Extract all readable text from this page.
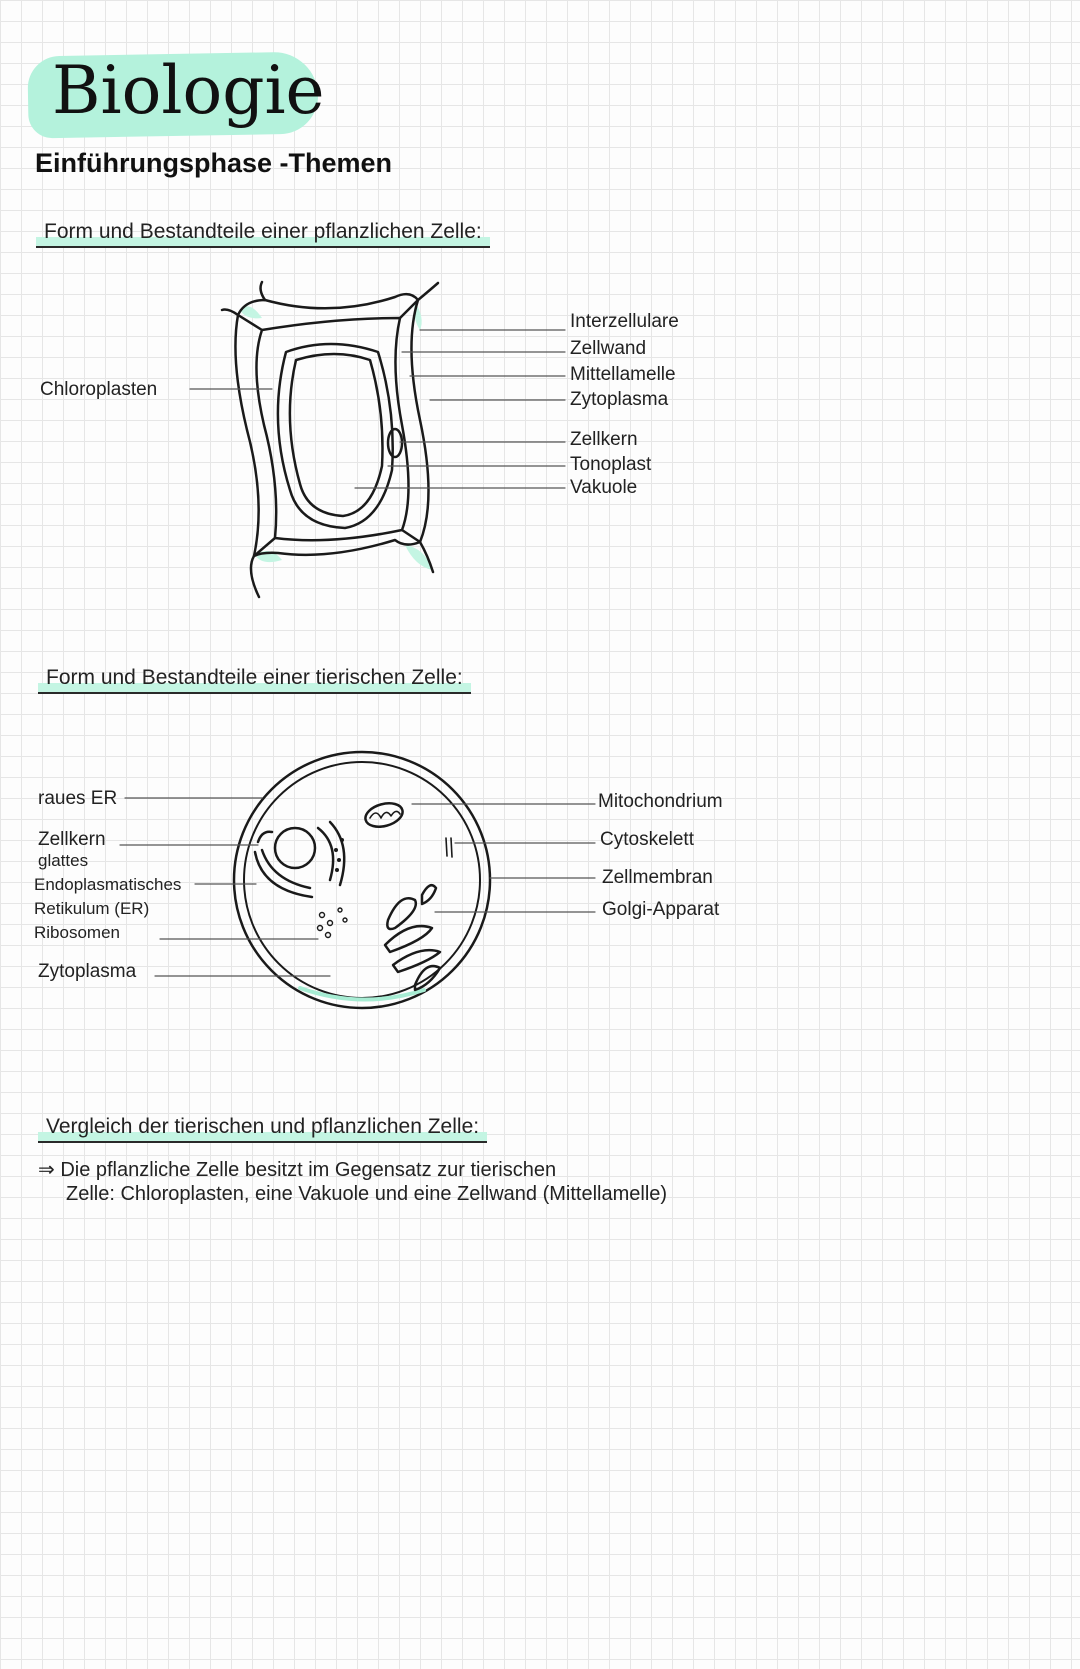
Biologie
Einführungsphase -Themen
Form und Bestandteile einer pflanzlichen Zelle:
Chloroplasten
Interzellulare
Zellwand
Mittellamelle
Zytoplasma
Zellkern
Tonoplast
Vakuole
Form und Bestandteile einer tierischen Zelle:
raues ER
Zellkern
glattes
Endoplasmatisches
Retikulum (ER)
Ribosomen
Zytoplasma
Mitochondrium
Cytoskelett
Zellmembran
Golgi-Apparat
Vergleich der tierischen und pflanzlichen Zelle:
⇒ Die pflanzliche Zelle besitzt im Gegensatz zur tierischen
Zelle: Chloroplasten, eine Vakuole und eine Zellwand (Mittellamelle)
